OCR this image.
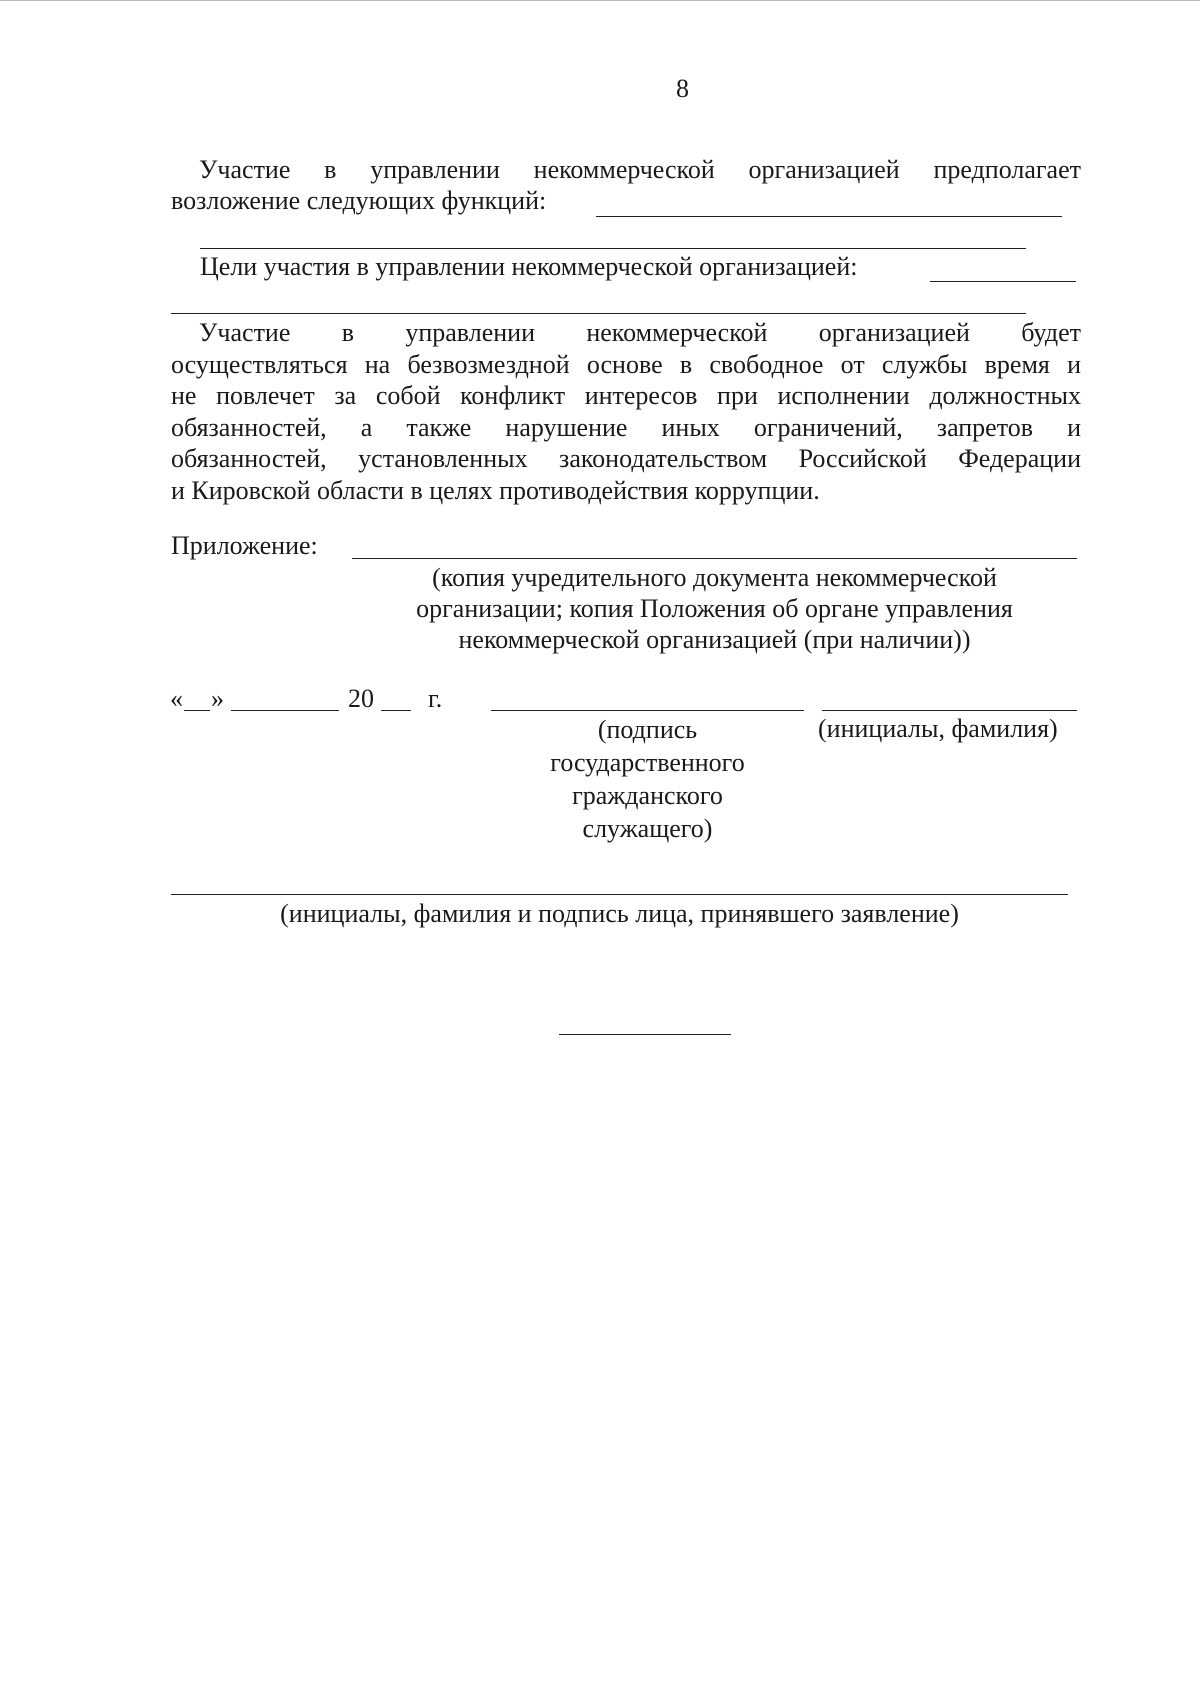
8
Участие в управлении некоммерческой организацией предполагает
возложение следующих функций:
Цели участия в управлении некоммерческой организацией:
Участие в управлении некоммерческой организацией будет
осуществляться на безвозмездной основе в свободное от службы время и
не повлечет за собой конфликт интересов при исполнении должностных
обязанностей, а также нарушение иных ограничений, запретов и
обязанностей, установленных законодательством Российской Федерации
и Кировской области в целях противодействия коррупции.
Приложение:
(копия учредительного документа некоммерческой
организации; копия Положения об органе управления
некоммерческой организацией (при наличии))
« »	20 г.
(подпись
государственного
гражданского
служащего)
(инициалы, фамилия)
(инициалы, фамилия и подпись лица, принявшего заявление)
